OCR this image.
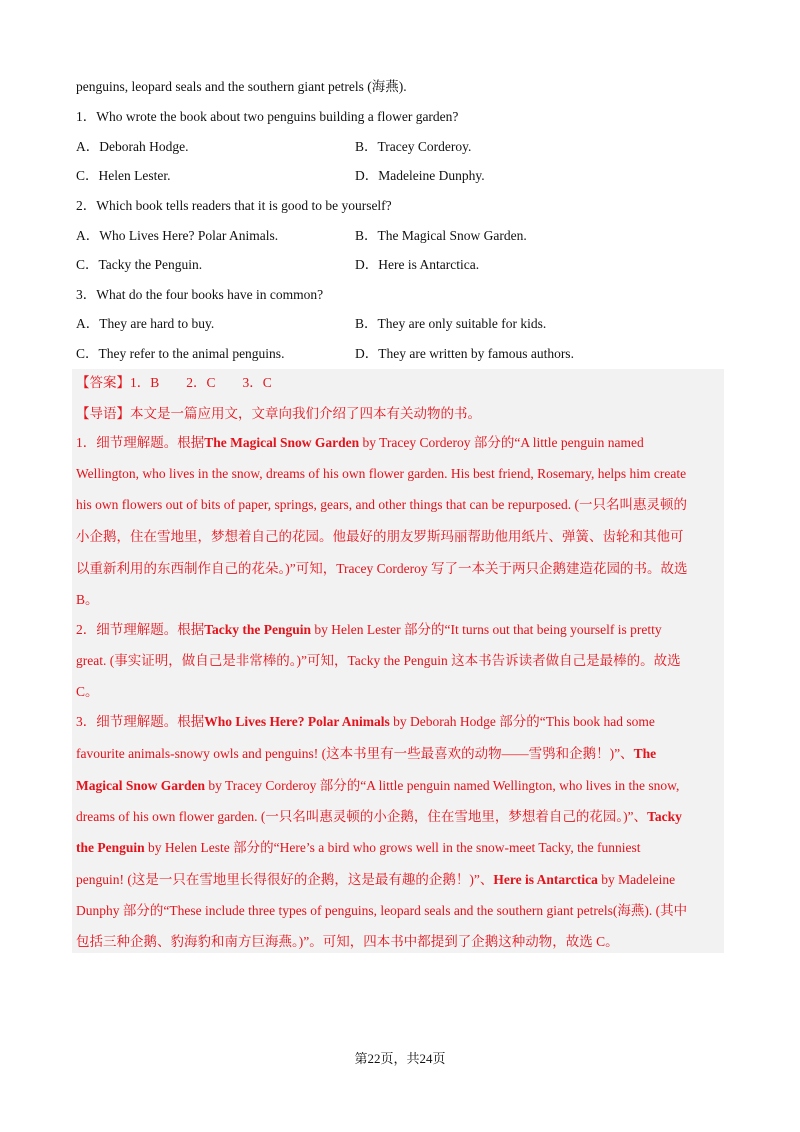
penguins, leopard seals and the southern giant petrels (海燕).
1．Who wrote the book about two penguins building a flower garden?
A．Deborah Hodge.	B．Tracey Corderoy.
C．Helen Lester.	D．Madeleine Dunphy.
2．Which book tells readers that it is good to be yourself?
A．Who Lives Here? Polar Animals.	B．The Magical Snow Garden.
C．Tacky the Penguin.	D．Here is Antarctica.
3．What do the four books have in common?
A．They are hard to buy.	B．They are only suitable for kids.
C．They refer to the animal penguins.	D．They are written by famous authors.
【答案】1．B　　2．C　　3．C
【导语】本文是一篇应用文，文章向我们介绍了四本有关动物的书。
1．细节理解题。根据The Magical Snow Garden by Tracey Corderoy 部分的“A little penguin named
Wellington, who lives in the snow, dreams of his own flower garden. His best friend, Rosemary, helps him create
his own flowers out of bits of paper, springs, gears, and other things that can be repurposed. (一只名叫惠灵顿的
小企鹅，住在雪地里，梦想着自己的花园。他最好的朋友罗斯玛丽帮助他用纸片、弹簧、齿轮和其他可
以重新利用的东西制作自己的花朵。)”可知，Tracey Corderoy 写了一本关于两只企鹅建造花园的书。故选
B。
2．细节理解题。根据Tacky the Penguin by Helen Lester 部分的“It turns out that being yourself is pretty
great. (事实证明，做自己是非常棒的。)”可知，Tacky the Penguin 这本书告诉读者做自己是最棒的。故选
C。
3．细节理解题。根据Who Lives Here? Polar Animals by Deborah Hodge 部分的“This book had some
favourite animals-snowy owls and penguins! (这本书里有一些最喜欢的动物——雪鸮和企鹅！)”、The
Magical Snow Garden by Tracey Corderoy 部分的“A little penguin named Wellington, who lives in the snow,
dreams of his own flower garden. (一只名叫惠灵顿的小企鹅，住在雪地里，梦想着自己的花园。)”、Tacky
the Penguin by Helen Leste 部分的“Here’s a bird who grows well in the snow-meet Tacky, the funniest
penguin! (这是一只在雪地里长得很好的企鹅，这是最有趣的企鹅！)”、Here is Antarctica by Madeleine
Dunphy 部分的“These include three types of penguins, leopard seals and the southern giant petrels(海燕). (其中
包括三种企鹅、豹海豹和南方巨海燕。)”。可知，四本书中都提到了企鹅这种动物，故选 C。
第22页，共24页
